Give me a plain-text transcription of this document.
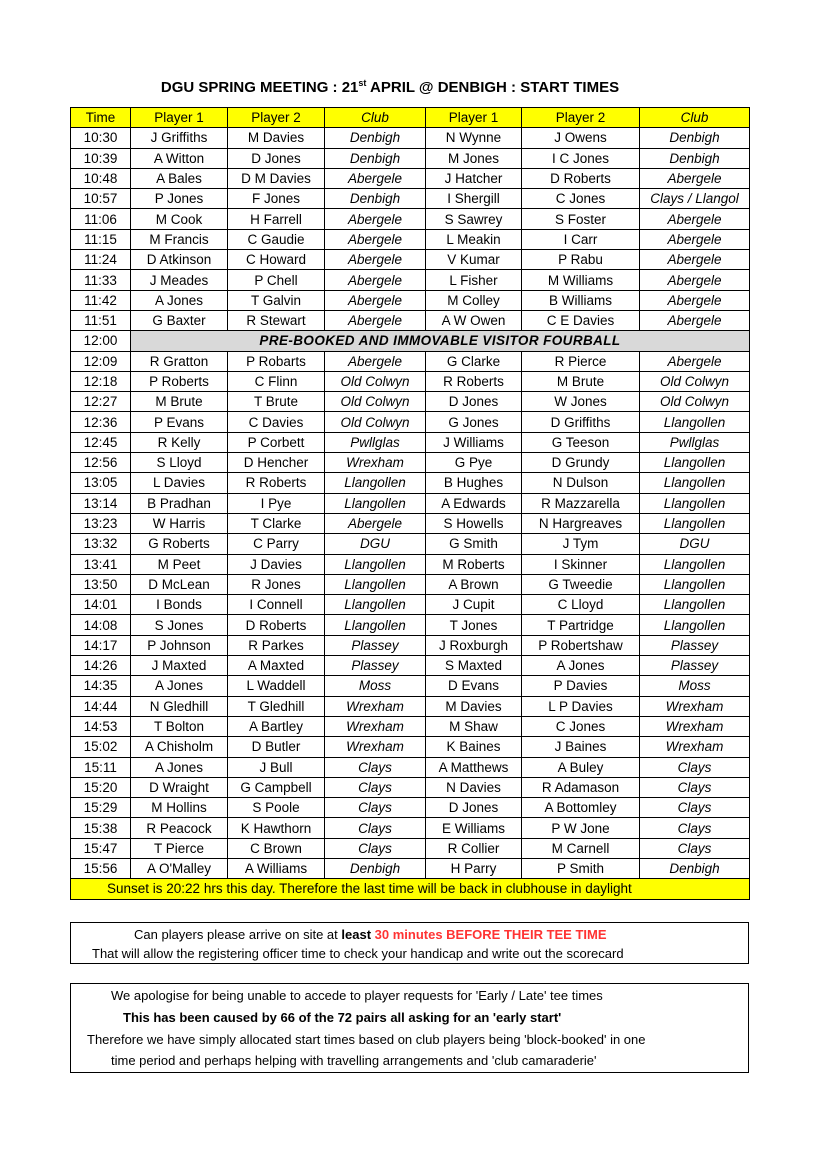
DGU SPRING MEETING : 21st APRIL @ DENBIGH : START TIMES
Time	Player 1	Player 2	Club	Player 1	Player 2	Club
10:30	J Griffiths	M Davies	Denbigh	N Wynne	J Owens	Denbigh
10:39	A Witton	D Jones	Denbigh	M Jones	I C Jones	Denbigh
10:48	A Bales	D M Davies	Abergele	J Hatcher	D Roberts	Abergele
10:57	P Jones	F Jones	Denbigh	I Shergill	C Jones	Clays / Llangol
11:06	M Cook	H Farrell	Abergele	S Sawrey	S Foster	Abergele
11:15	M Francis	C Gaudie	Abergele	L Meakin	I Carr	Abergele
11:24	D Atkinson	C Howard	Abergele	V Kumar	P Rabu	Abergele
11:33	J Meades	P Chell	Abergele	L Fisher	M Williams	Abergele
11:42	A Jones	T Galvin	Abergele	M Colley	B Williams	Abergele
11:51	G Baxter	R Stewart	Abergele	A W Owen	C E Davies	Abergele
12:00	PRE-BOOKED AND IMMOVABLE VISITOR FOURBALL					
12:09	R Gratton	P Robarts	Abergele	G Clarke	R Pierce	Abergele
12:18	P Roberts	C Flinn	Old Colwyn	R Roberts	M Brute	Old Colwyn
12:27	M Brute	T Brute	Old Colwyn	D Jones	W Jones	Old Colwyn
12:36	P Evans	C Davies	Old Colwyn	G Jones	D Griffiths	Llangollen
12:45	R Kelly	P Corbett	Pwllglas	J Williams	G Teeson	Pwllglas
12:56	S Lloyd	D Hencher	Wrexham	G Pye	D Grundy	Llangollen
13:05	L Davies	R Roberts	Llangollen	B Hughes	N Dulson	Llangollen
13:14	B Pradhan	I Pye	Llangollen	A Edwards	R Mazzarella	Llangollen
13:23	W Harris	T Clarke	Abergele	S Howells	N Hargreaves	Llangollen
13:32	G Roberts	C Parry	DGU	G Smith	J Tym	DGU
13:41	M Peet	J Davies	Llangollen	M Roberts	I Skinner	Llangollen
13:50	D McLean	R Jones	Llangollen	A Brown	G Tweedie	Llangollen
14:01	I Bonds	I Connell	Llangollen	J Cupit	C Lloyd	Llangollen
14:08	S Jones	D Roberts	Llangollen	T Jones	T Partridge	Llangollen
14:17	P Johnson	R Parkes	Plassey	J Roxburgh	P Robertshaw	Plassey
14:26	J Maxted	A Maxted	Plassey	S Maxted	A Jones	Plassey
14:35	A Jones	L Waddell	Moss	D Evans	P Davies	Moss
14:44	N Gledhill	T Gledhill	Wrexham	M Davies	L P Davies	Wrexham
14:53	T Bolton	A Bartley	Wrexham	M Shaw	C Jones	Wrexham
15:02	A Chisholm	D Butler	Wrexham	K Baines	J Baines	Wrexham
15:11	A Jones	J Bull	Clays	A Matthews	A Buley	Clays
15:20	D Wraight	G Campbell	Clays	N Davies	R Adamason	Clays
15:29	M Hollins	S Poole	Clays	D Jones	A Bottomley	Clays
15:38	R Peacock	K Hawthorn	Clays	E Williams	P W Jone	Clays
15:47	T Pierce	C Brown	Clays	R Collier	M Carnell	Clays
15:56	A O'Malley	A Williams	Denbigh	H Parry	P Smith	Denbigh
Sunset is 20:22 hrs this day. Therefore the last time will be back in clubhouse in daylight						
Can players please arrive on site at least 30 minutes BEFORE THEIR TEE TIME
That will allow the registering officer time to check your handicap and write out the scorecard
We apologise for being unable to accede to player requests for 'Early / Late' tee times
This has been caused by 66 of the 72 pairs all asking for an 'early start'
Therefore we have simply allocated start times based on club players being 'block-booked' in one
time period and perhaps helping with travelling arrangements and 'club camaraderie'
